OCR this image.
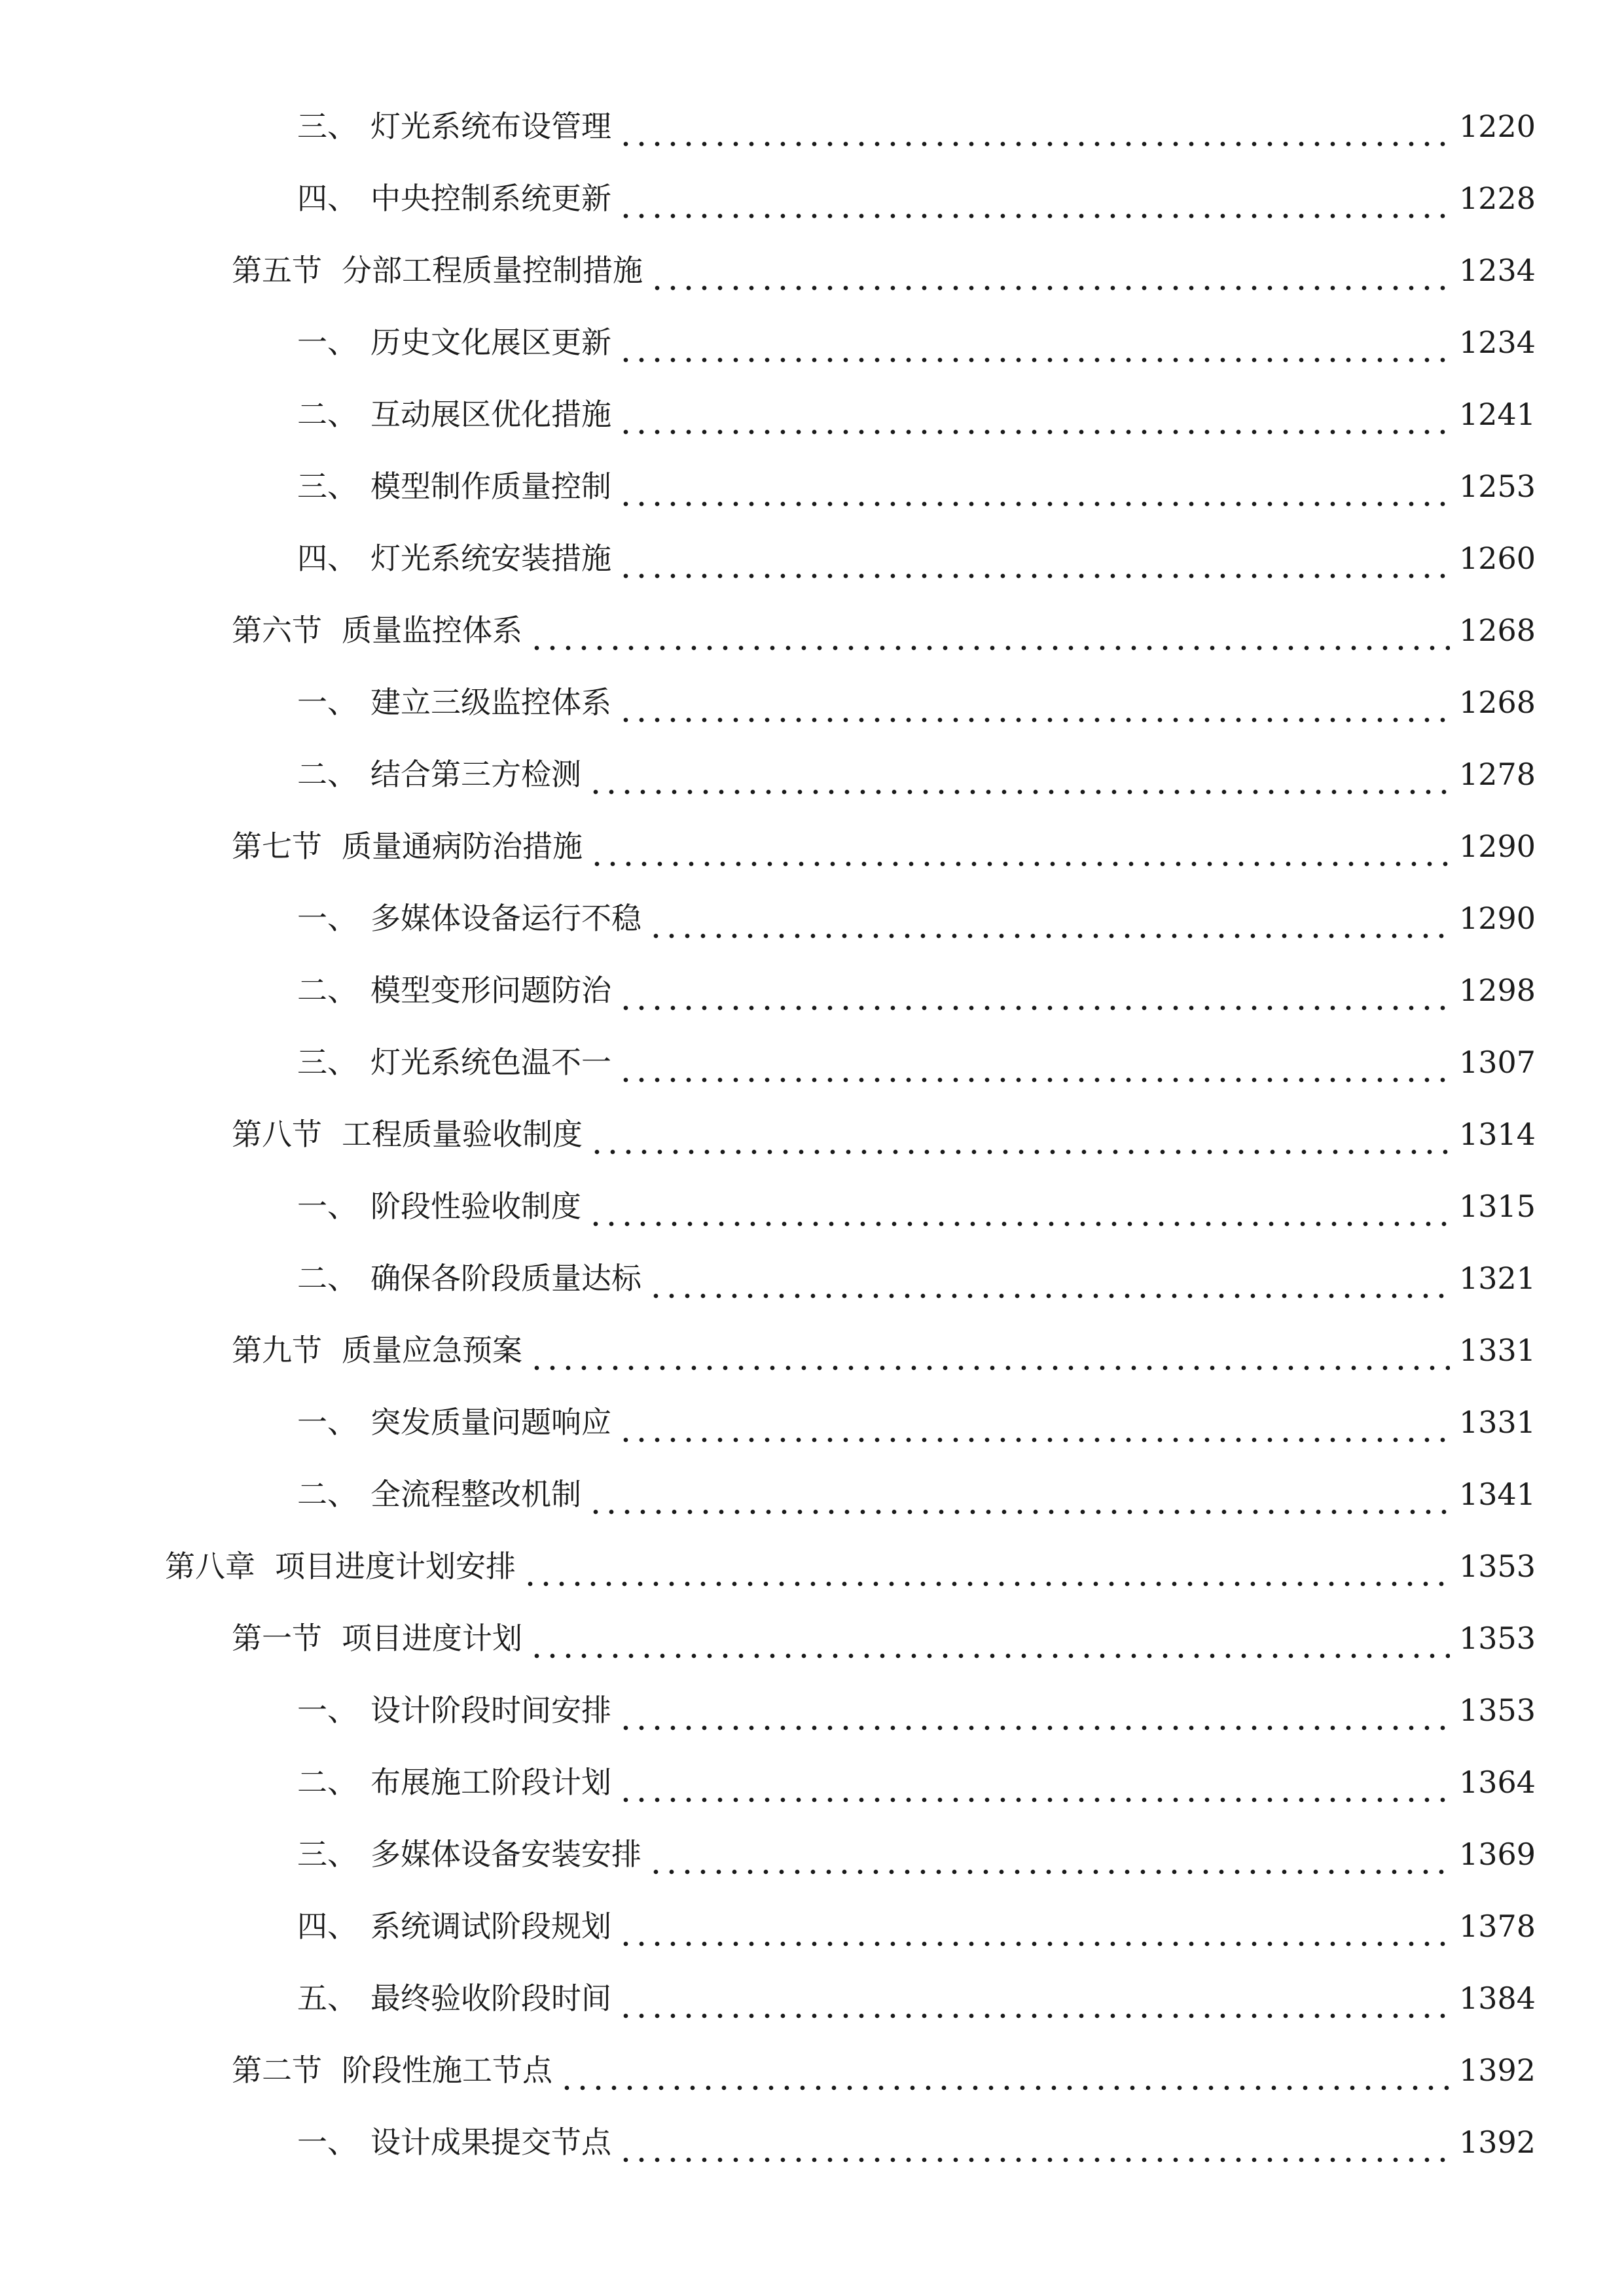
三、 灯光系统布设管理	1220
四、 中央控制系统更新	1228
第五节 分部工程质量控制措施	1234
一、 历史文化展区更新	1234
二、 互动展区优化措施	1241
三、 模型制作质量控制	1253
四、 灯光系统安装措施	1260
第六节 质量监控体系	1268
一、 建立三级监控体系	1268
二、 结合第三方检测	1278
第七节 质量通病防治措施	1290
一、 多媒体设备运行不稳	1290
二、 模型变形问题防治	1298
三、 灯光系统色温不一	1307
第八节 工程质量验收制度	1314
一、 阶段性验收制度	1315
二、 确保各阶段质量达标	1321
第九节 质量应急预案	1331
一、 突发质量问题响应	1331
二、 全流程整改机制	1341
第八章 项目进度计划安排	1353
第一节 项目进度计划	1353
一、 设计阶段时间安排	1353
二、 布展施工阶段计划	1364
三、 多媒体设备安装安排	1369
四、 系统调试阶段规划	1378
五、 最终验收阶段时间	1384
第二节 阶段性施工节点	1392
一、 设计成果提交节点	1392
